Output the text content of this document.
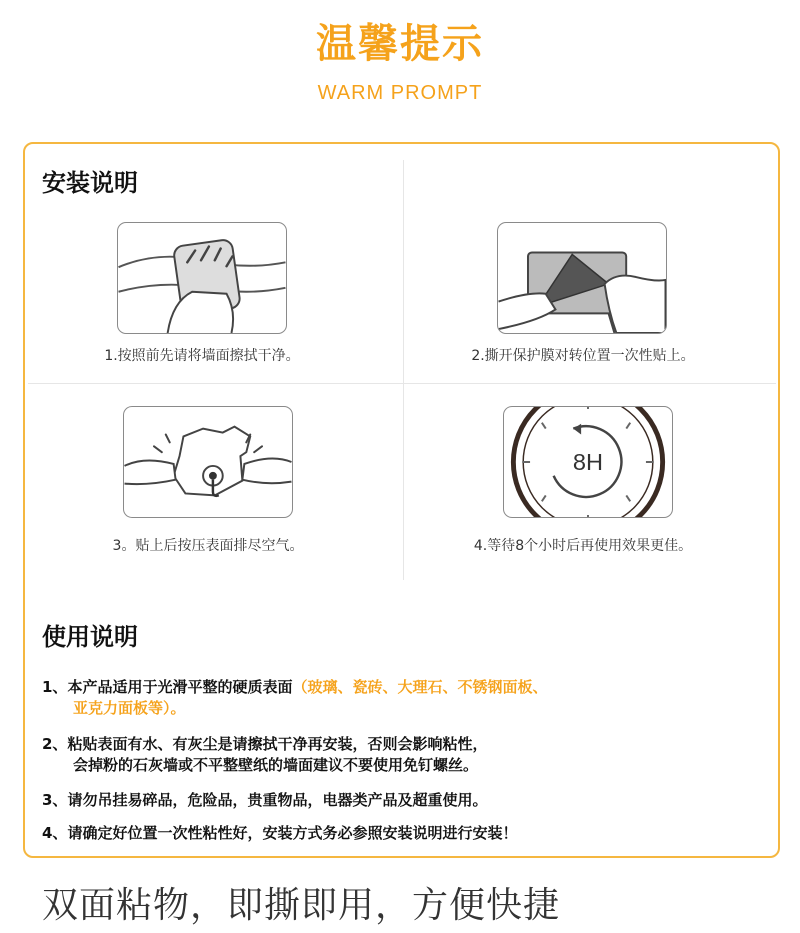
温馨提示
WARM PROMPT
安装说明
1.按照前先请将墙面擦拭干净。	2.撕开保护膜对转位置一次性贴上。
3。贴上后按压表面排尽空气。
8H
4.等待8个小时后再使用效果更佳。
使用说明
1、本产品适用于光滑平整的硬质表面（玻璃、瓷砖、大理石、不锈钢面板、
亚克力面板等）。
2、粘贴表面有水、有灰尘是请擦拭干净再安装，否则会影响粘性，
会掉粉的石灰墙或不平整壁纸的墙面建议不要使用免钉螺丝。
3、请勿吊挂易碎品，危险品，贵重物品，电器类产品及超重使用。
4、请确定好位置一次性粘性好，安装方式务必参照安装说明进行安装！
双面粘物，即撕即用，方便快捷
